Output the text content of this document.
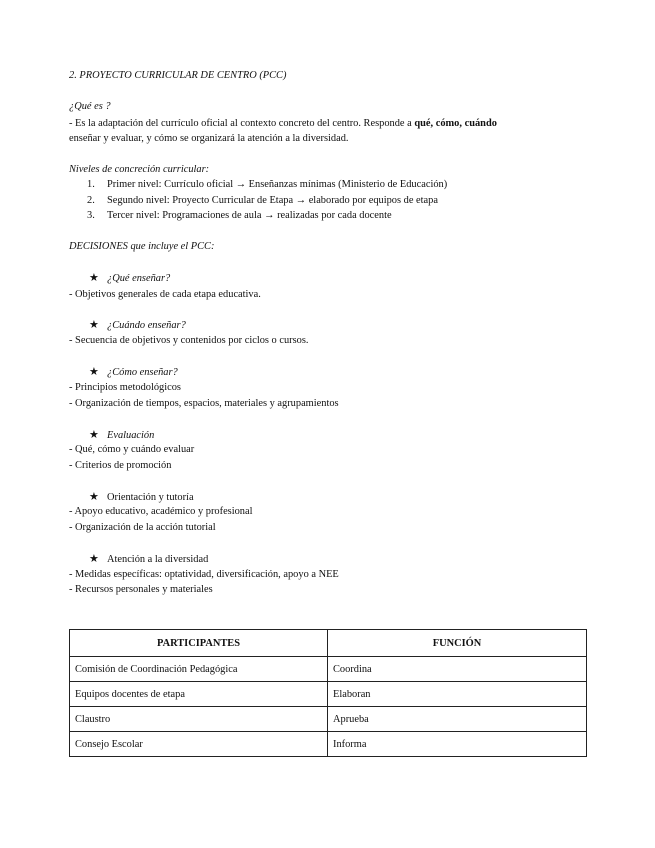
2. PROYECTO CURRICULAR DE CENTRO (PCC)
¿Qué es ?
- Es la adaptación del currículo oficial al contexto concreto del centro. Responde a qué, cómo, cuándo
enseñar y evaluar, y cómo se organizará la atención a la diversidad.
Niveles de concreción curricular:
1. Primer nivel: Currículo oficial → Enseñanzas mínimas (Ministerio de Educación)
2. Segundo nivel: Proyecto Curricular de Etapa → elaborado por equipos de etapa
3. Tercer nivel: Programaciones de aula → realizadas por cada docente
DECISIONES que incluye el PCC:
★ ¿Qué enseñar?
- Objetivos generales de cada etapa educativa.
★ ¿Cuándo enseñar?
- Secuencia de objetivos y contenidos por ciclos o cursos.
★ ¿Cómo enseñar?
- Principios metodológicos
- Organización de tiempos, espacios, materiales y agrupamientos
★ Evaluación
- Qué, cómo y cuándo evaluar
- Criterios de promoción
★ Orientación y tutoría
- Apoyo educativo, académico y profesional
- Organización de la acción tutorial
★ Atención a la diversidad
- Medidas específicas: optatividad, diversificación, apoyo a NEE
- Recursos personales y materiales
PARTICIPANTES	FUNCIÓN
Comisión de Coordinación Pedagógica	Coordina
Equipos docentes de etapa	Elaboran
Claustro	Aprueba
Consejo Escolar	Informa
